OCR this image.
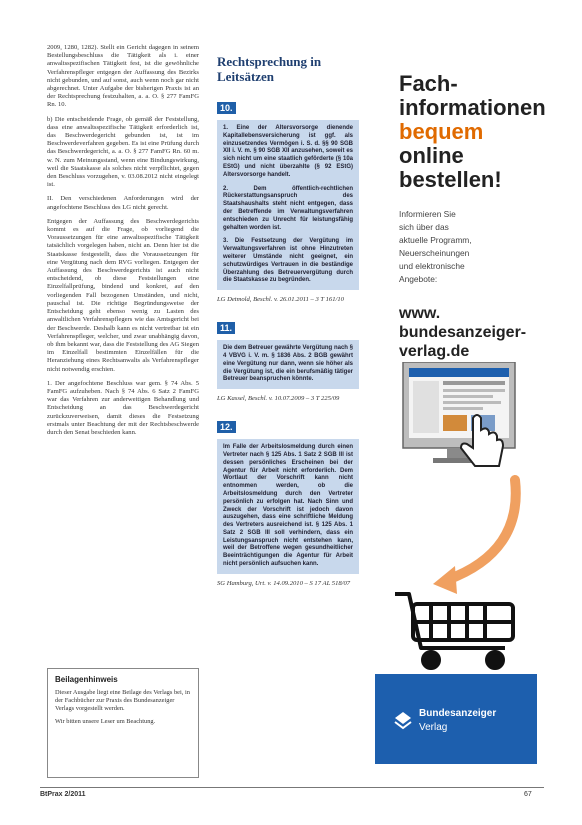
2009, 1280, 1282). Stellt ein Gericht dagegen in seinem Bestellungsbeschluss die Tätigkeit als i. einer anwaltsspezifischen Tätigkeit fest, ist die gewöhnliche Verfahrenspfleger entgegen der Auffassung des Bezirks nicht gebunden, und auf sonst, auch wenn noch gar nicht abgerechnet. Unter Aufgabe der bisherigen Praxis ist an der Rechtsprechung festzuhalten, a. a. O. § 277 FamFG Rn. 10.

b) Die entscheidende Frage, ob gemäß der Feststellung, dass eine anwaltsspezifische Tätigkeit erforderlich ist, das Beschwerdegericht gebunden ist, ist im Beschwerdeverfahren gegeben. Es ist eine Prüfung durch das Beschwerdegericht, a. a. O. § 277 FamFG Rn. 60 m. w. N. zum Meinungsstand, wenn eine Bindungswirkung, weil die Staatskasse als solches nicht verpflichtet, gegen den Beschluss vorzugehen, v. 03.08.2012 nicht eingelegt ist.

II. Den verschiedenen Anforderungen wird der angefochtene Beschluss des LG nicht gerecht.

Entgegen der Auffassung des Beschwerdegerichts kommt es auf die Frage, ob vorliegend die Voraussetzungen für eine anwaltsspezifische Tätigkeit tatsächlich vorgelegen haben, nicht an. Denn hier ist die Staatskasse festgestellt, dass die Voraussetzungen für eine Vergütung nach dem RVG vorliegen. Entgegen der Auffassung des Beschwerdegerichts ist auch nicht entscheidend, ob diese Feststellungen eine Einzelfallprüfung, bindend und konkret, auf den vorliegenden Fall bezogenen Umständen, und nicht, pauschal ist. Die richtige Begründungsweise der Entscheidung geht ebenso wenig zu Lasten des anwaltlichen Verfahrenspflegers wie das Amtsgericht bei der Beschwerde. Deshalb kann es nicht vertretbar ist ein Verfahrenspfleger, welcher, und zwar unabhängig davon, ob ihm bekannt war, dass die Feststellung des AG Siegen im Einzelfall bestimmten Einzelfällen für die Heranziehung eines Rechtsanwalts als Verfahrenspfleger nicht notwendig erschien.

1. Der angefochtene Beschluss war gem. § 74 Abs. 5 FamFG aufzuheben. Nach § 74 Abs. 6 Satz 2 FamFG war das Verfahren zur anderweitigen Behandlung und Entscheidung an das Beschwerdegericht zurückzuverweisen, damit dieses die Festsetzung erstmals unter Beachtung der mit der Rechtsbeschwerde durch den Senat beschieden kann.

Beilagenhinweis

Dieser Ausgabe liegt eine Beilage des Verlags bei, in der Fachbücher zur Praxis des Bundesanzeiger Verlags vorgestellt werden.

Wir bitten unsere Leser um Beachtung.

Rechtsprechung in
Leitsätzen
10.

1. Eine der Altersvorsorge dienende Kapitallebensversicherung ist ggf. als einzusetzendes Vermögen i. S. d. §§ 90 SGB XII i. V. m. § 90 SGB XII anzusehen, soweit es sich nicht um eine staatlich geförderte (§ 10a EStG) und nicht überzahlte (§ 92 EStG) Altersvorsorge handelt.

2. Dem öffentlich-rechtlichen Rückerstattungsanspruch des Staatshaushalts steht nicht entgegen, dass der Betreffende im Verwaltungsverfahren entschieden zu Unrecht für leistungsfähig gehalten worden ist.

3. Die Festsetzung der Vergütung im Verwaltungsverfahren ist ohne Hinzutreten weiterer Umstände nicht geeignet, ein schutzwürdiges Vertrauen in die beständige Überzahlung des Betreuervergütung durch die Staatskasse zu begründen.

LG Detmold, Beschl. v. 26.01.2011 – 3 T 161/10
11.

Die dem Betreuer gewährte Vergütung nach § 4 VBVG i. V. m. § 1836 Abs. 2 BGB gewährt eine Vergütung nur dann, wenn sie höher als die Vergütung ist, die ein berufsmäßig tätiger Betreuer beanspruchen könnte.

LG Kassel, Beschl. v. 10.07.2009 – 3 T 225/09
12.

Im Falle der Arbeitslosmeldung durch einen Vertreter nach § 125 Abs. 1 Satz 2 SGB III ist dessen persönliches Erscheinen bei der Agentur für Arbeit nicht erforderlich. Dem Wortlaut der Vorschrift kann nicht entnommen werden, ob die Arbeitslosmeldung durch den Vertreter persönlich zu erfolgen hat. Nach Sinn und Zweck der Vorschrift ist jedoch davon auszugehen, dass eine schriftliche Meldung des Vertreters ausreichend ist. § 125 Abs. 1 Satz 2 SGB III soll verhindern, dass ein Leistungsanspruch nicht entstehen kann, weil der Betroffene wegen gesundheitlicher Beeinträchtigungen die Agentur für Arbeit nicht persönlich aufsuchen kann.

SG Hamburg, Urt. v. 14.09.2010 – S 17 AL 518/07
Fach-
informationen
bequem
online
bestellen!
Informieren Sie
sich über das
aktuelle Programm,
Neuerscheinungen
und elektronische
Angebote:
www.
bundesanzeiger-
verlag.de
Bundesanzeiger
Verlag
BtPrax 2/2011	67
